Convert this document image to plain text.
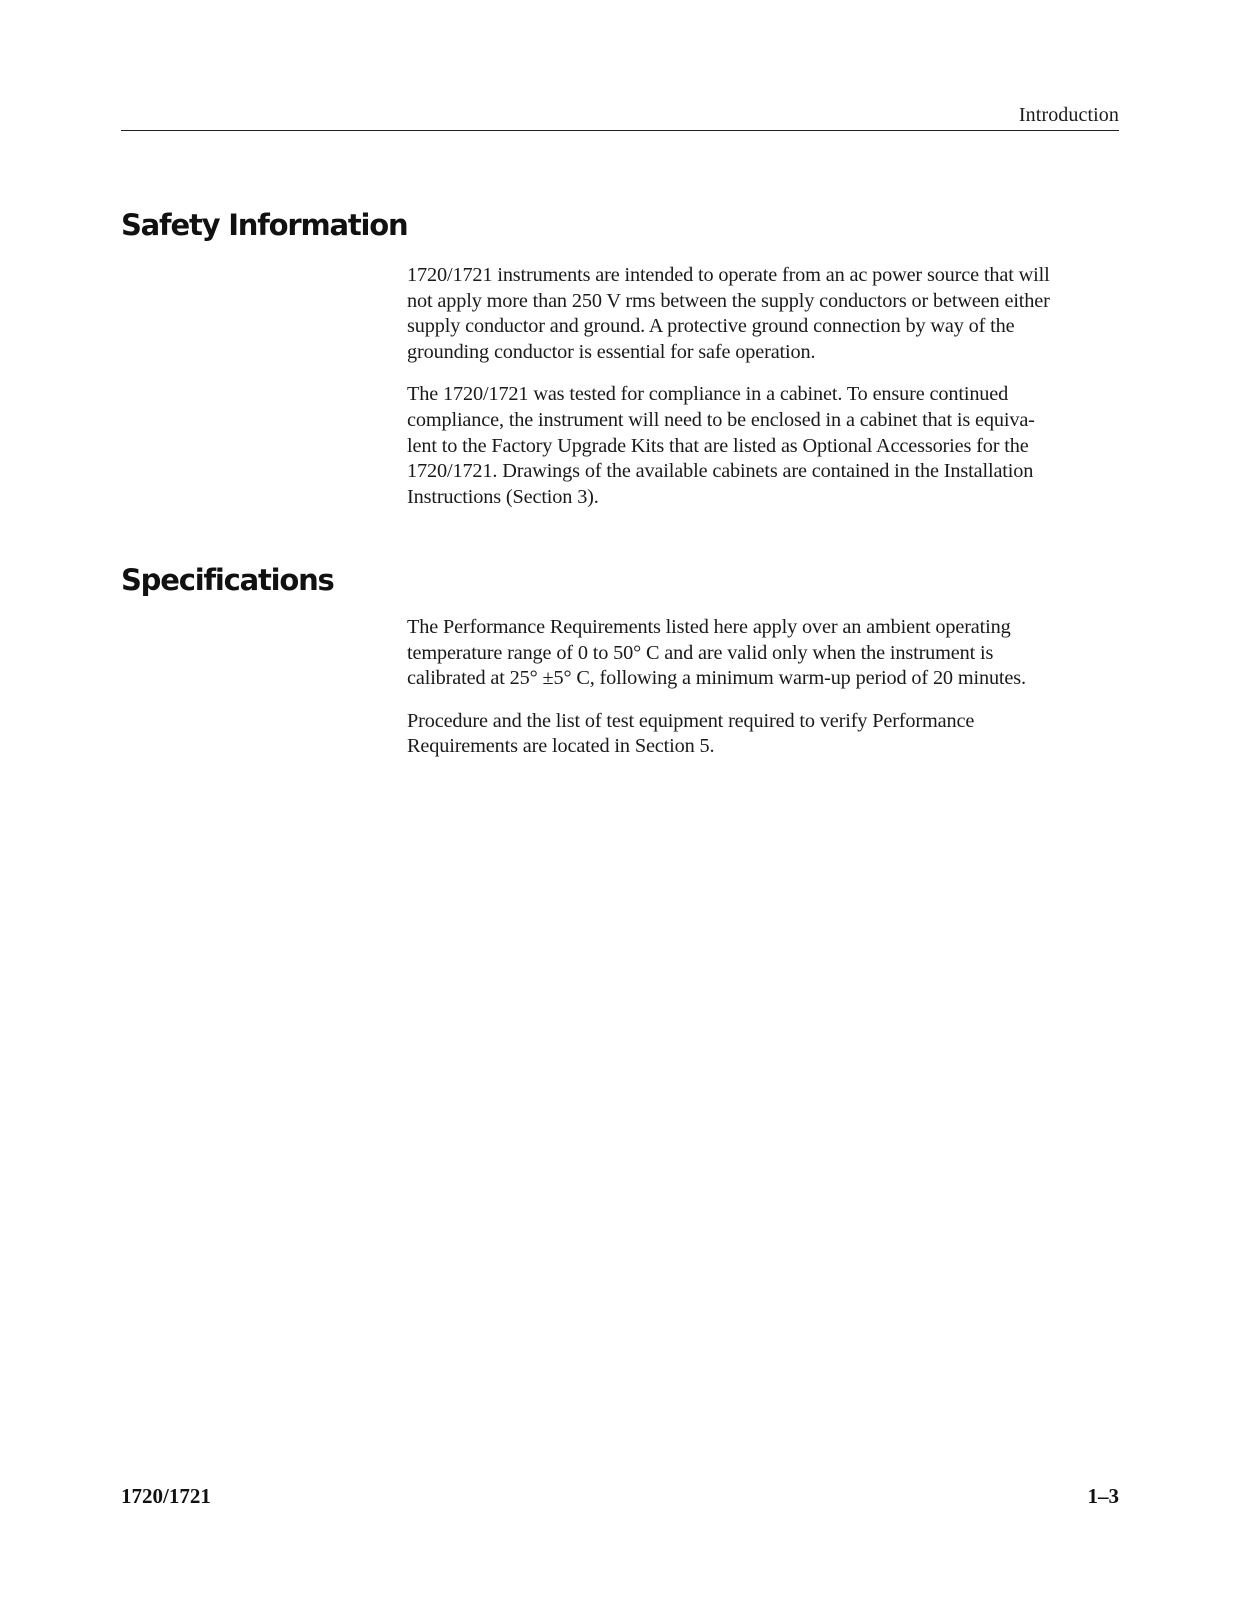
Introduction
Safety Information

1720/1721 instruments are intended to operate from an ac power source that will
not apply more than 250 V rms between the supply conductors or between either
supply conductor and ground. A protective ground connection by way of the
grounding conductor is essential for safe operation.

The 1720/1721 was tested for compliance in a cabinet. To ensure continued
compliance, the instrument will need to be enclosed in a cabinet that is equiva-
lent to the Factory Upgrade Kits that are listed as Optional Accessories for the
1720/1721. Drawings of the available cabinets are contained in the Installation
Instructions (Section 3).

Specifications

The Performance Requirements listed here apply over an ambient operating
temperature range of 0 to 50° C and are valid only when the instrument is
calibrated at 25° ±5° C, following a minimum warm-up period of 20 minutes.

Procedure and the list of test equipment required to verify Performance
Requirements are located in Section 5.

1720/1721	1–3
